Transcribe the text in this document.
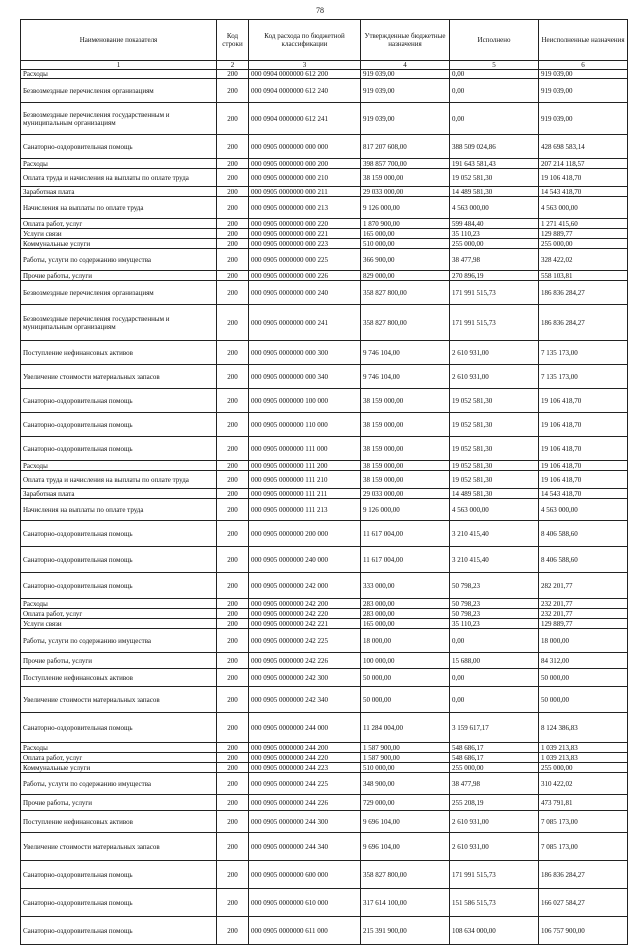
78
Наименование показателя	Код строки	Код расхода по бюджетной классификации	Утвержденные бюджетные назначения	Исполнено	Неисполненные назначения
1	2	3	4	5	6
Расходы	200	000 0904 0000000 612 200	919 039,00	0,00	919 039,00
Безвозмездные перечисления организациям	200	000 0904 0000000 612 240	919 039,00	0,00	919 039,00
Безвозмездные перечисления государственным и муниципальным организациям	200	000 0904 0000000 612 241	919 039,00	0,00	919 039,00
Санаторно-оздоровительная помощь	200	000 0905 0000000 000 000	817 207 608,00	388 509 024,86	428 698 583,14
Расходы	200	000 0905 0000000 000 200	398 857 700,00	191 643 581,43	207 214 118,57
Оплата труда и начисления на выплаты по оплате труда	200	000 0905 0000000 000 210	38 159 000,00	19 052 581,30	19 106 418,70
Заработная плата	200	000 0905 0000000 000 211	29 033 000,00	14 489 581,30	14 543 418,70
Начисления на выплаты по оплате труда	200	000 0905 0000000 000 213	9 126 000,00	4 563 000,00	4 563 000,00
Оплата работ, услуг	200	000 0905 0000000 000 220	1 870 900,00	599 484,40	1 271 415,60
Услуги связи	200	000 0905 0000000 000 221	165 000,00	35 110,23	129 889,77
Коммунальные услуги	200	000 0905 0000000 000 223	510 000,00	255 000,00	255 000,00
Работы, услуги по содержанию имущества	200	000 0905 0000000 000 225	366 900,00	38 477,98	328 422,02
Прочие работы, услуги	200	000 0905 0000000 000 226	829 000,00	270 896,19	558 103,81
Безвозмездные перечисления организациям	200	000 0905 0000000 000 240	358 827 800,00	171 991 515,73	186 836 284,27
Безвозмездные перечисления государственным и муниципальным организациям	200	000 0905 0000000 000 241	358 827 800,00	171 991 515,73	186 836 284,27
Поступление нефинансовых активов	200	000 0905 0000000 000 300	9 746 104,00	2 610 931,00	7 135 173,00
Увеличение стоимости материальных запасов	200	000 0905 0000000 000 340	9 746 104,00	2 610 931,00	7 135 173,00
Санаторно-оздоровительная помощь	200	000 0905 0000000 100 000	38 159 000,00	19 052 581,30	19 106 418,70
Санаторно-оздоровительная помощь	200	000 0905 0000000 110 000	38 159 000,00	19 052 581,30	19 106 418,70
Санаторно-оздоровительная помощь	200	000 0905 0000000 111 000	38 159 000,00	19 052 581,30	19 106 418,70
Расходы	200	000 0905 0000000 111 200	38 159 000,00	19 052 581,30	19 106 418,70
Оплата труда и начисления на выплаты по оплате труда	200	000 0905 0000000 111 210	38 159 000,00	19 052 581,30	19 106 418,70
Заработная плата	200	000 0905 0000000 111 211	29 033 000,00	14 489 581,30	14 543 418,70
Начисления на выплаты по оплате труда	200	000 0905 0000000 111 213	9 126 000,00	4 563 000,00	4 563 000,00
Санаторно-оздоровительная помощь	200	000 0905 0000000 200 000	11 617 004,00	3 210 415,40	8 406 588,60
Санаторно-оздоровительная помощь	200	000 0905 0000000 240 000	11 617 004,00	3 210 415,40	8 406 588,60
Санаторно-оздоровительная помощь	200	000 0905 0000000 242 000	333 000,00	50 798,23	282 201,77
Расходы	200	000 0905 0000000 242 200	283 000,00	50 798,23	232 201,77
Оплата работ, услуг	200	000 0905 0000000 242 220	283 000,00	50 798,23	232 201,77
Услуги связи	200	000 0905 0000000 242 221	165 000,00	35 110,23	129 889,77
Работы, услуги по содержанию имущества	200	000 0905 0000000 242 225	18 000,00	0,00	18 000,00
Прочие работы, услуги	200	000 0905 0000000 242 226	100 000,00	15 688,00	84 312,00
Поступление нефинансовых активов	200	000 0905 0000000 242 300	50 000,00	0,00	50 000,00
Увеличение стоимости материальных запасов	200	000 0905 0000000 242 340	50 000,00	0,00	50 000,00
Санаторно-оздоровительная помощь	200	000 0905 0000000 244 000	11 284 004,00	3 159 617,17	8 124 386,83
Расходы	200	000 0905 0000000 244 200	1 587 900,00	548 686,17	1 039 213,83
Оплата работ, услуг	200	000 0905 0000000 244 220	1 587 900,00	548 686,17	1 039 213,83
Коммунальные услуги	200	000 0905 0000000 244 223	510 000,00	255 000,00	255 000,00
Работы, услуги по содержанию имущества	200	000 0905 0000000 244 225	348 900,00	38 477,98	310 422,02
Прочие работы, услуги	200	000 0905 0000000 244 226	729 000,00	255 208,19	473 791,81
Поступление нефинансовых активов	200	000 0905 0000000 244 300	9 696 104,00	2 610 931,00	7 085 173,00
Увеличение стоимости материальных запасов	200	000 0905 0000000 244 340	9 696 104,00	2 610 931,00	7 085 173,00
Санаторно-оздоровительная помощь	200	000 0905 0000000 600 000	358 827 800,00	171 991 515,73	186 836 284,27
Санаторно-оздоровительная помощь	200	000 0905 0000000 610 000	317 614 100,00	151 586 515,73	166 027 584,27
Санаторно-оздоровительная помощь	200	000 0905 0000000 611 000	215 391 900,00	108 634 000,00	106 757 900,00
